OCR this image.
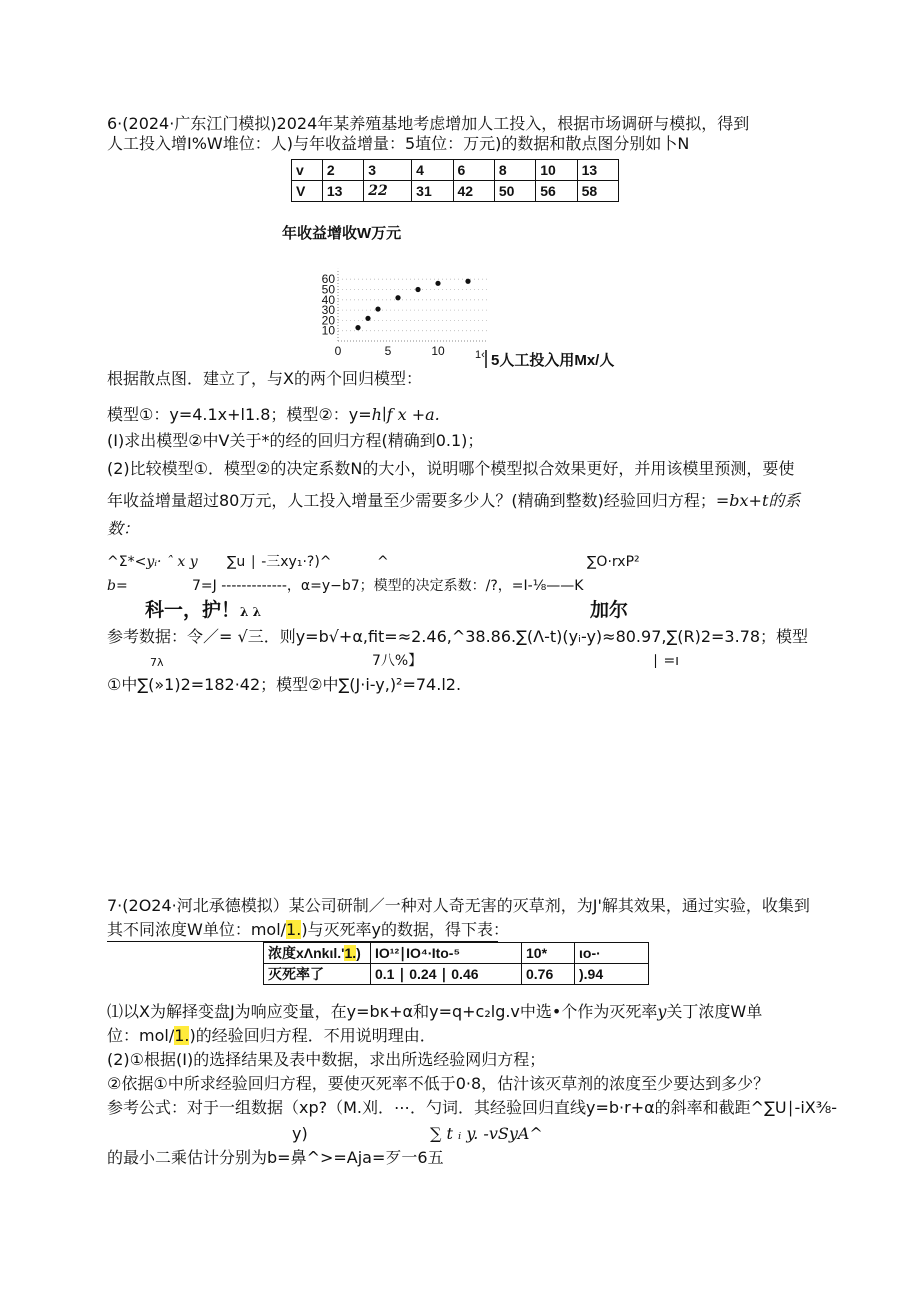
6·(2024·广东江门模拟)2024年某养殖基地考虑增加人工投入，根据市场调研与模拟，得到
人工投入增Ι%W堆位：人)与年收益增量：5埴位：万元)的数据和散点图分别如卜N
v	2	3	4	6	8	10	13
V	13	22	31	42	50	56	58
年收益增收W万元
5人工投入用Mx/人
1‹
10
20
30
40
50
60
0	5	10
根据散点图．建立了，与X的两个回归模型：
模型①：y=4.1x+l1.8；模型②：y=h∣f x +a.
(I)求出模型②中V关于*的经的回归方程(精确到0.1)；
(2)比较模型①．模型②的决定系数N的大小，说明哪个模型拟合效果更好，并用该模里预测，要使
年收益增量超过80万元，人工投入增量至少需要多少人？(精确到整数)经验回归方程；=bx+t的系
数：
^Σ*<yᵢ· ˆ x y ∑u ∣ -三xy₁·?)^	^	∑O·rxP²
b=	7=J -------------，α=y−b7；模型的决定系数：/?，=I-⅛——K
科一，护！λ λ	加尔
参考数据：令／= √三．则y=b√+α,fit=≈2.46,^38.86.∑(Λ-t)(yᵢ-y)≈80.97,∑(R)2=3.78；模型
7λ	7八%】	∣ =ı
①中∑(»1)2=182·42；模型②中∑(J·i-y,)²=74.l2.
7·(2O24·河北承德模拟）某公司研制／一种对人奇无害的灭草剂，为J'解其效果，通过实验，收集到
其不同浓度W单位：mol/1.)与灭死率y的数据，得下表：
浓度xΛnkιl.'1.)	IO¹²∣IO⁴∙Ito-⁵	10*	ιo-·
灭死率了	0.1 ∣ 0.24 ∣ 0.46	0.76	).94
⑴以X为解择变盘J为响应变量，在y=bκ+α和y=q+c₂lg.v中选•个作为灭死率y关丁浓度W单
位：mol/1.)的经验回归方程．不用说明理由．
(2)①根据(I)的选择结果及表中数据，求出所选经验网归方程；
②依据①中所求经验回归方程，要使灭死率不低于0·8，估汁该灭草剂的浓度至少要达到多少？
参考公式：对于一组数据（xp?（M.刈．⋯．勺词．其经验回归直线y=b·r+α的斜率和截距^∑U∣-iX⅜-
y)	∑ t ᵢ y. -vSyA^
的最小二乘估计分别为b=鼻^>=Aja=歹一6五
